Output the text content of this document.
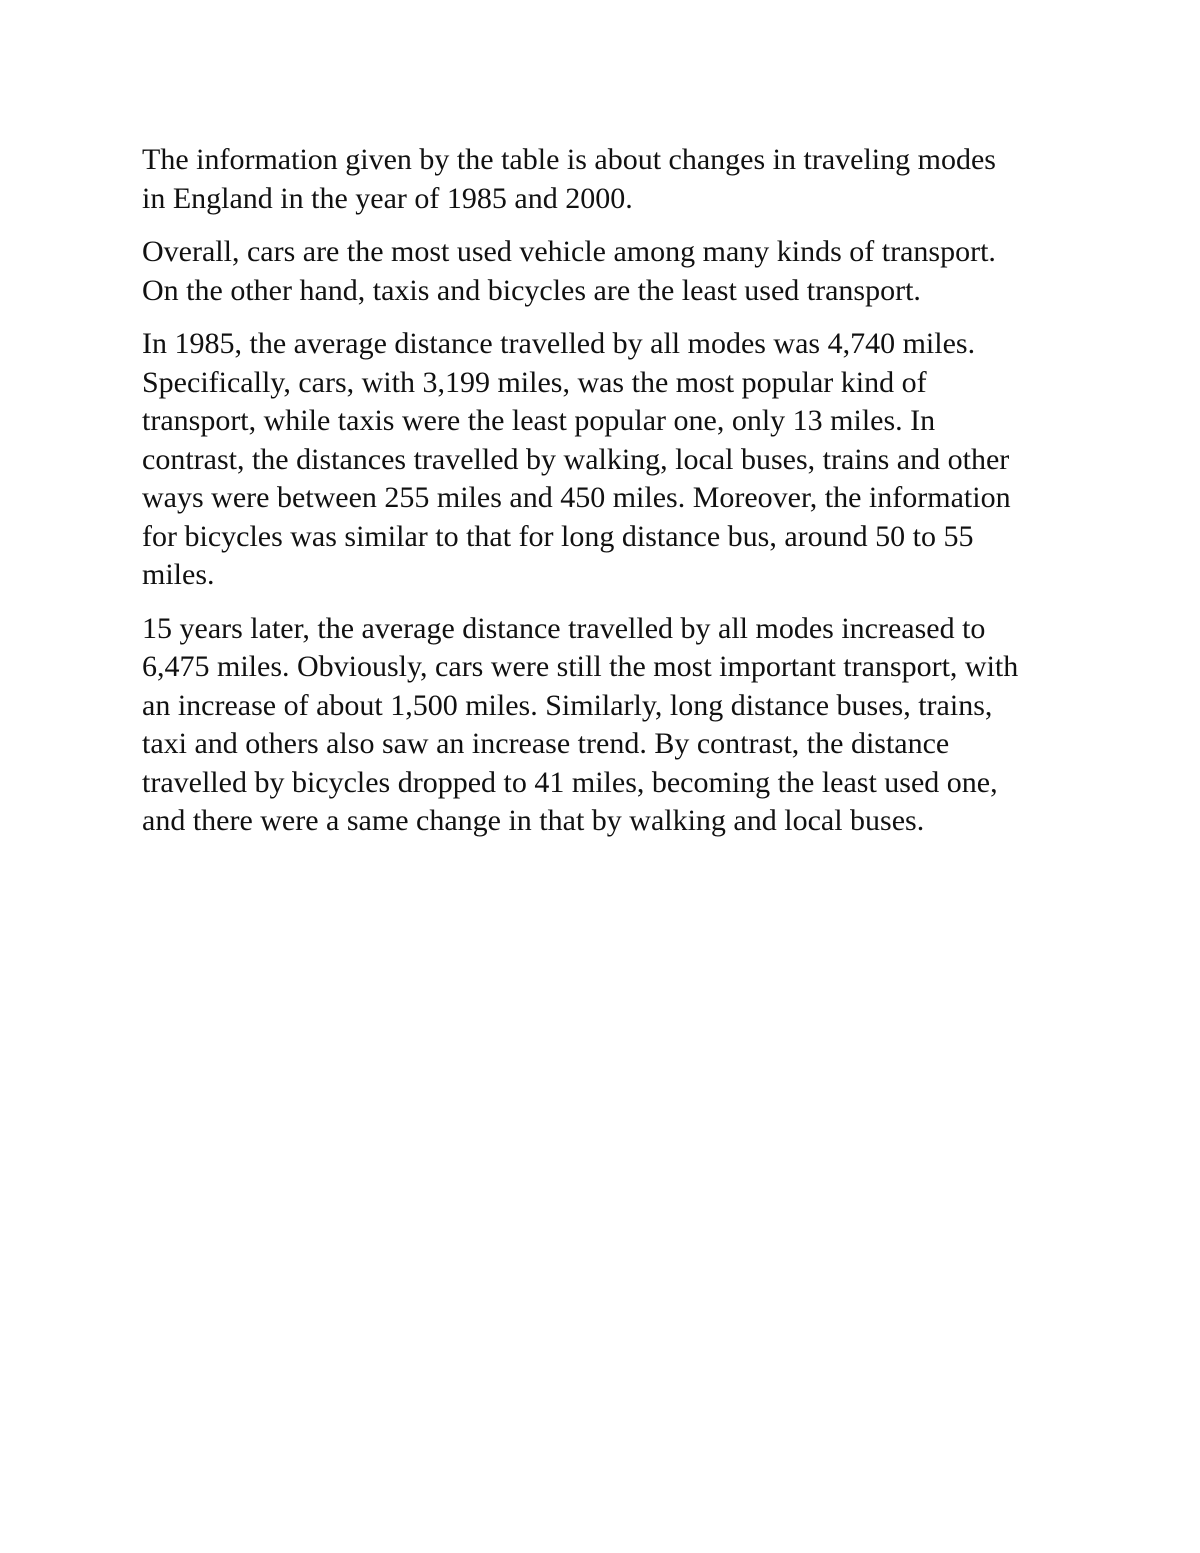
The information given by the table is about changes in traveling modes
in England in the year of 1985 and 2000.

Overall, cars are the most used vehicle among many kinds of transport.
On the other hand, taxis and bicycles are the least used transport.

In 1985, the average distance travelled by all modes was 4,740 miles.
Specifically, cars, with 3,199 miles, was the most popular kind of
transport, while taxis were the least popular one, only 13 miles. In
contrast, the distances travelled by walking, local buses, trains and other
ways were between 255 miles and 450 miles. Moreover, the information
for bicycles was similar to that for long distance bus, around 50 to 55
miles.

15 years later, the average distance travelled by all modes increased to
6,475 miles. Obviously, cars were still the most important transport, with
an increase of about 1,500 miles. Similarly, long distance buses, trains,
taxi and others also saw an increase trend. By contrast, the distance
travelled by bicycles dropped to 41 miles, becoming the least used one,
and there were a same change in that by walking and local buses.
